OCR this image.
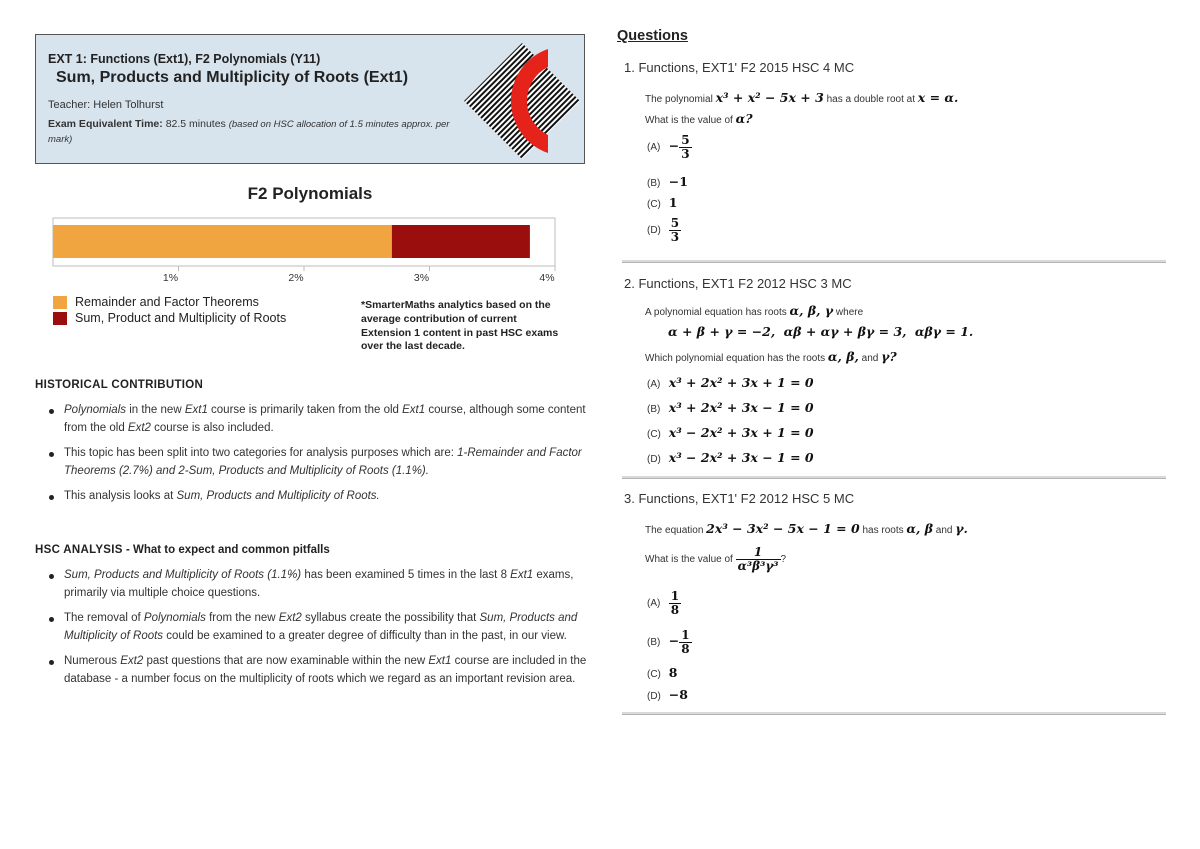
EXT 1: Functions (Ext1), F2 Polynomials (Y11)
Sum, Products and Multiplicity of Roots (Ext1)
Teacher: Helen Tolhurst
Exam Equivalent Time: 82.5 minutes (based on HSC allocation of 1.5 minutes approx. per mark)
F2 Polynomials
1%	2%	3%	4%
Remainder and Factor Theorems
Sum, Product and Multiplicity of Roots
*SmarterMaths analytics based on the average contribution of current Extension 1 content in past HSC exams over the last decade.
HISTORICAL CONTRIBUTION
Polynomials in the new Ext1 course is primarily taken from the old Ext1 course, although some content from the old Ext2 course is also included.
This topic has been split into two categories for analysis purposes which are: 1-Remainder and Factor Theorems (2.7%) and 2-Sum, Products and Multiplicity of Roots (1.1%).
This analysis looks at Sum, Products and Multiplicity of Roots.
HSC ANALYSIS - What to expect and common pitfalls
Sum, Products and Multiplicity of Roots (1.1%) has been examined 5 times in the last 8 Ext1 exams, primarily via multiple choice questions.
The removal of Polynomials from the new Ext2 syllabus create the possibility that Sum, Products and Multiplicity of Roots could be examined to a greater degree of difficulty than in the past, in our view.
Numerous Ext2 past questions that are now examinable within the new Ext1 course are included in the database - a number focus on the multiplicity of roots which we regard as an important revision area.
Questions
1. Functions, EXT1' F2 2015 HSC 4 MC
The polynomial x³ + x² − 5x + 3 has a double root at x = α.
What is the value of α?
$(A) - \frac{5}{3}$
(B) −1
(C) 1
$(D) \frac{5}{3}$
2. Functions, EXT1 F2 2012 HSC 3 MC
A polynomial equation has roots α, β, γ where
α + β + γ = −2, αβ + αγ + βγ = 3, αβγ = 1.
Which polynomial equation has the roots α, β, and γ?
(A) x³ + 2x² + 3x + 1 = 0
(B) x³ + 2x² + 3x − 1 = 0
(C) x³ − 2x² + 3x + 1 = 0
(D) x³ − 2x² + 3x − 1 = 0
3. Functions, EXT1' F2 2012 HSC 5 MC
The equation 2x³ − 3x² − 5x − 1 = 0 has roots α, β and γ.
What is the value of $\frac{1}{\text{α³β³γ³}}$ ?
$(A) \frac{1}{8}$
$(B) - \frac{1}{8}$
(C) 8
(D) −8
